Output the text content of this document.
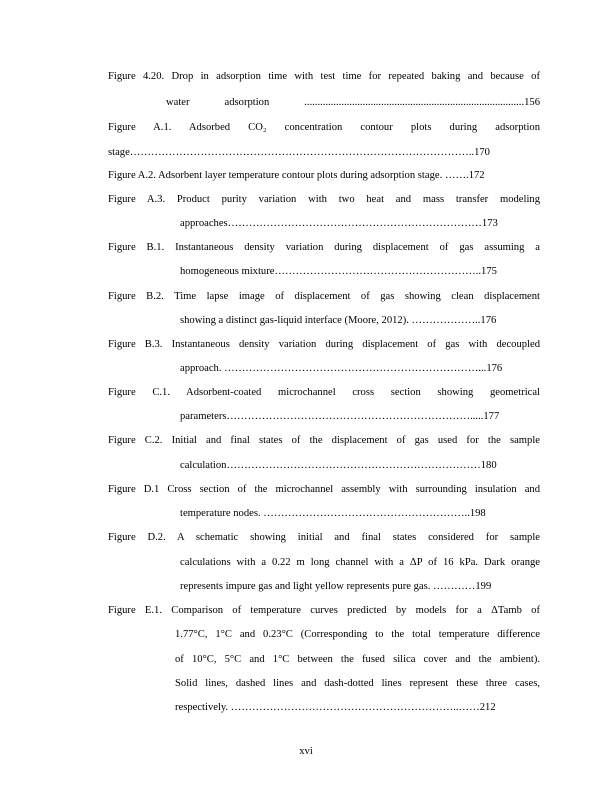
Figure 4.20. Drop in adsorption time with test time for repeated baking and because of
water adsorption ...................................................................................156
Figure A.1. Adsorbed CO₂ concentration contour plots during adsorption
stage……………………………………………………………………………………..170
Figure A.2. Adsorbent layer temperature contour plots during adsorption stage. …….172
Figure A.3. Product purity variation with two heat and mass transfer modeling
approaches………………………………………………………………173
Figure B.1. Instantaneous density variation during displacement of gas assuming a
homogeneous mixture…………………………………………………..175
Figure B.2. Time lapse image of displacement of gas showing clean displacement
showing a distinct gas-liquid interface (Moore, 2012). ………………..176
Figure B.3. Instantaneous density variation during displacement of gas with decoupled
approach. ………………………………………………………………...176
Figure C.1. Adsorbent-coated microchannel cross section showing geometrical
parameters…………………………………………………………….....177
Figure C.2. Initial and final states of the displacement of gas used for the sample
calculation………………………………………………………………180
Figure D.1 Cross section of the microchannel assembly with surrounding insulation and
temperature nodes. …………………………………………………..198
Figure D.2. A schematic showing initial and final states considered for sample
calculations with a 0.22 m long channel with a ΔP of 16 kPa. Dark orange
represents impure gas and light yellow represents pure gas. …………199
Figure E.1. Comparison of temperature curves predicted by models for a ΔTamb of
1.77°C, 1°C and 0.23°C (Corresponding to the total temperature difference
of 10°C, 5°C and 1°C between the fused silica cover and the ambient).
Solid lines, dashed lines and dash-dotted lines represent these three cases,
respectively. ………………………………………………………..……212
xvi
